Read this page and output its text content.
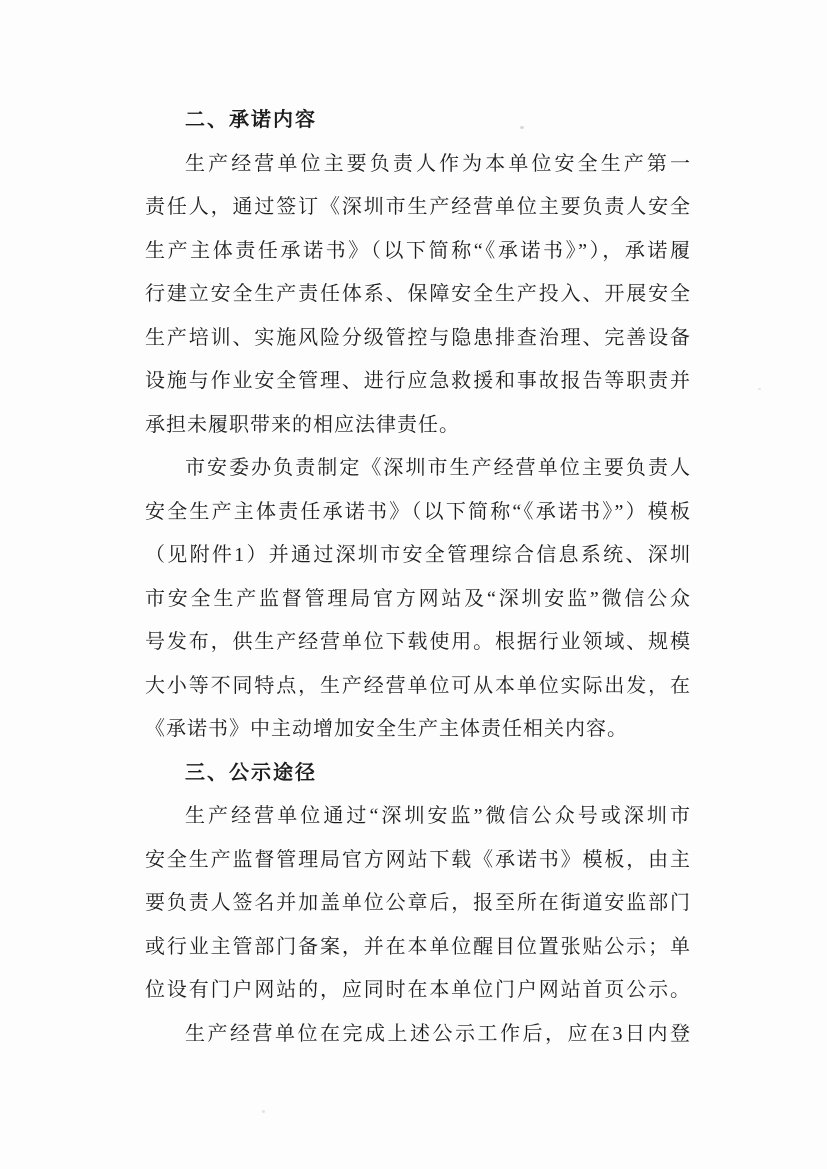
二、承诺内容
生产经营单位主要负责人作为本单位安全生产第一
责任人，通过签订《深圳市生产经营单位主要负责人安全
生产主体责任承诺书》（以下简称“《承诺书》”），承诺履
行建立安全生产责任体系、保障安全生产投入、开展安全
生产培训、实施风险分级管控与隐患排查治理、完善设备
设施与作业安全管理、进行应急救援和事故报告等职责并
承担未履职带来的相应法律责任。
市安委办负责制定《深圳市生产经营单位主要负责人
安全生产主体责任承诺书》（以下简称“《承诺书》”）模板
（见附件1）并通过深圳市安全管理综合信息系统、深圳
市安全生产监督管理局官方网站及“深圳安监”微信公众
号发布，供生产经营单位下载使用。根据行业领域、规模
大小等不同特点，生产经营单位可从本单位实际出发，在
《承诺书》中主动增加安全生产主体责任相关内容。
三、公示途径
生产经营单位通过“深圳安监”微信公众号或深圳市
安全生产监督管理局官方网站下载《承诺书》模板，由主
要负责人签名并加盖单位公章后，报至所在街道安监部门
或行业主管部门备案，并在本单位醒目位置张贴公示；单
位设有门户网站的，应同时在本单位门户网站首页公示。
生产经营单位在完成上述公示工作后，应在3日内登
